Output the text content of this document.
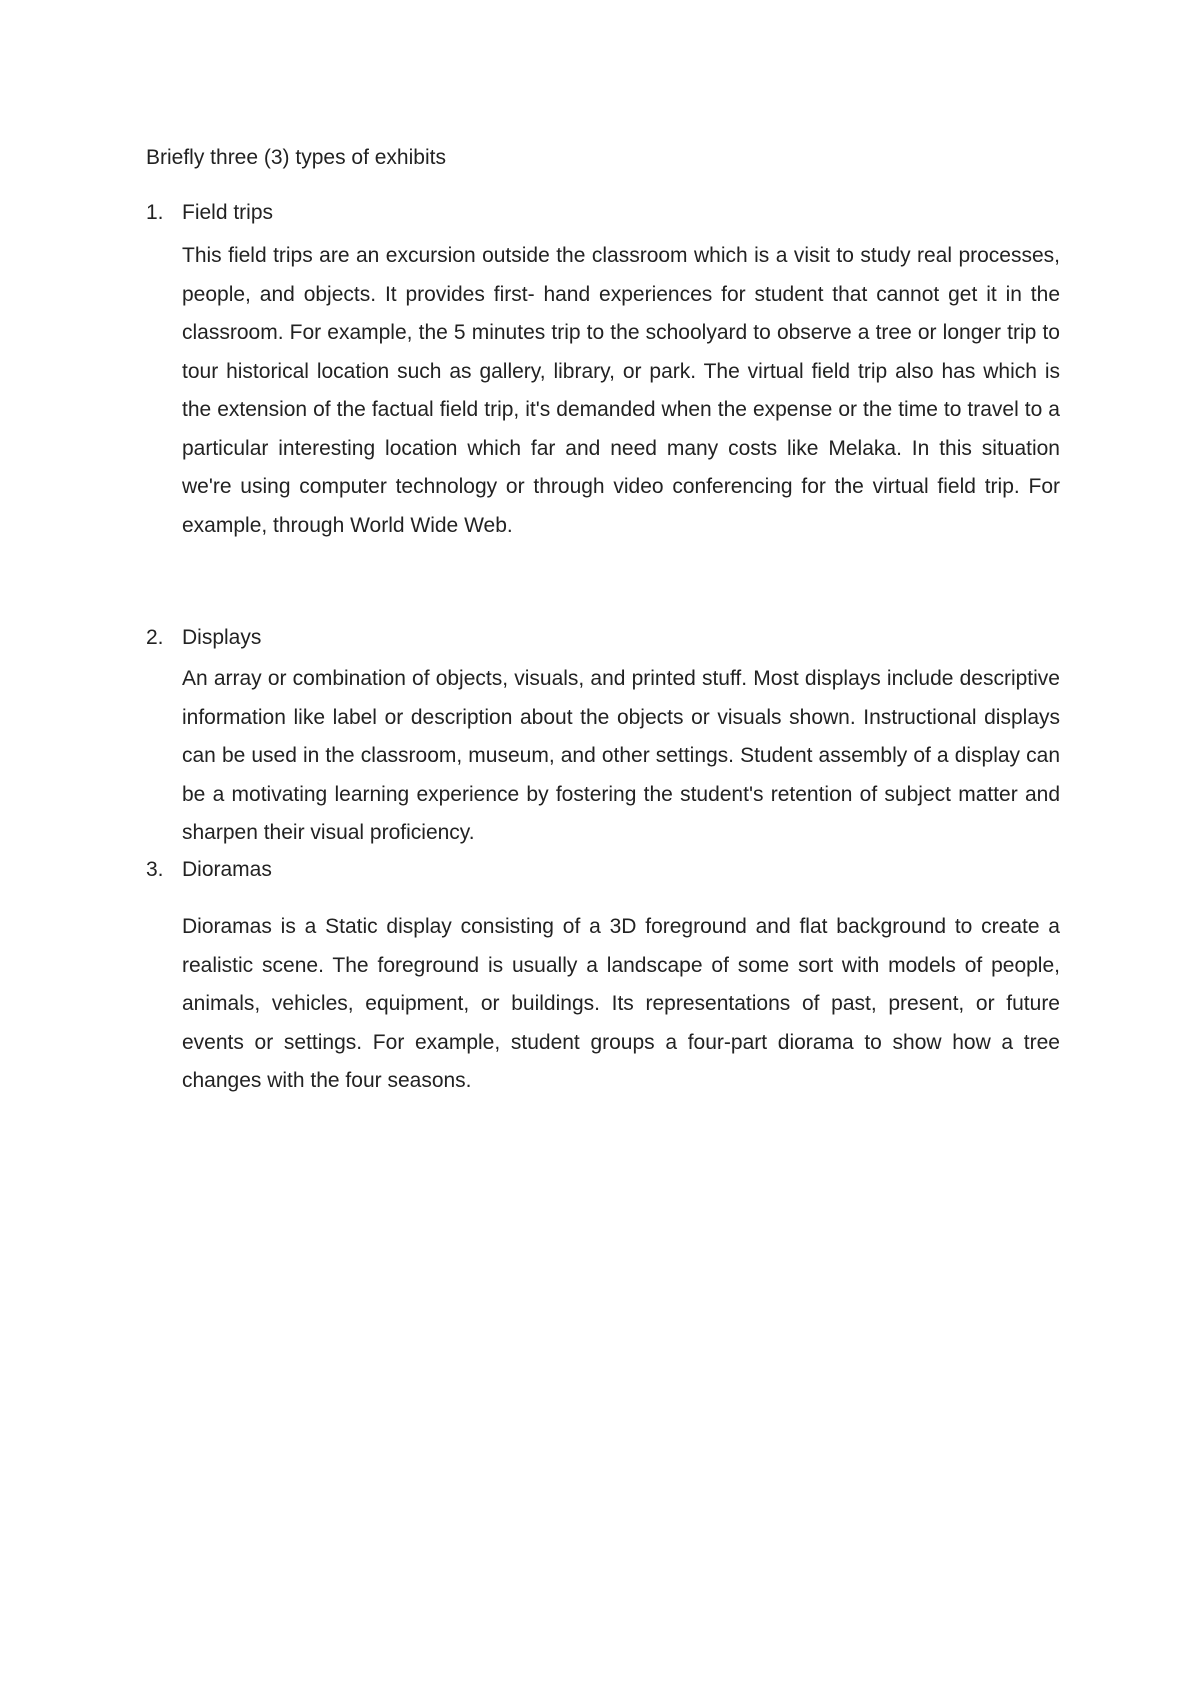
Briefly three (3) types of exhibits
1. Field trips

This field trips are an excursion outside the classroom which is a visit to study real processes, people, and objects. It provides first- hand experiences for student that cannot get it in the classroom. For example, the 5 minutes trip to the schoolyard to observe a tree or longer trip to tour historical location such as gallery, library, or park. The virtual field trip also has which is the extension of the factual field trip, it's demanded when the expense or the time to travel to a particular interesting location which far and need many costs like Melaka. In this situation we're using computer technology or through video conferencing for the virtual field trip. For example, through World Wide Web.

2. Displays

An array or combination of objects, visuals, and printed stuff. Most displays include descriptive information like label or description about the objects or visuals shown. Instructional displays can be used in the classroom, museum, and other settings. Student assembly of a display can be a motivating learning experience by fostering the student's retention of subject matter and sharpen their visual proficiency.

3. Dioramas

Dioramas is a Static display consisting of a 3D foreground and flat background to create a realistic scene. The foreground is usually a landscape of some sort with models of people, animals, vehicles, equipment, or buildings. Its representations of past, present, or future events or settings. For example, student groups a four-part diorama to show how a tree changes with the four seasons.
